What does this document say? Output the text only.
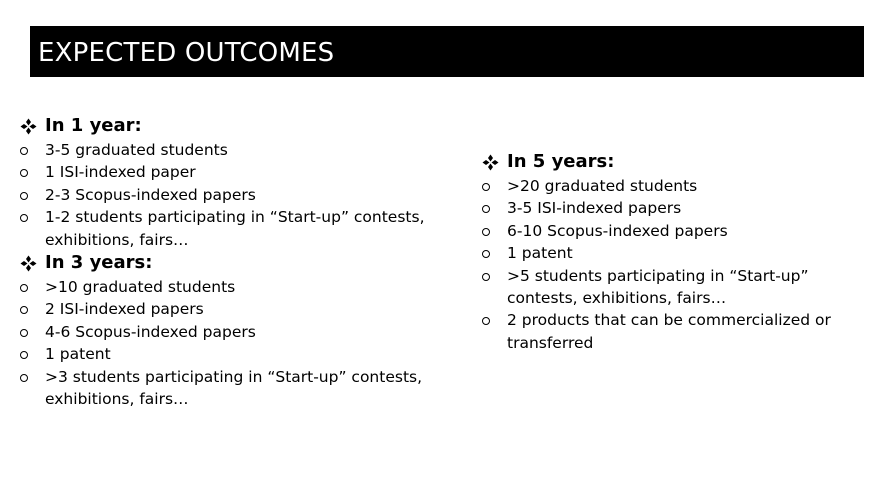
EXPECTED OUTCOMES
In 1 year:
3-5 graduated students
1 ISI-indexed paper
2-3 Scopus-indexed papers
1-2 students participating in “Start-up” contests, exhibitions, fairs…
In 3 years:
>10 graduated students
2 ISI-indexed papers
4-6 Scopus-indexed papers
1 patent
>3 students participating in “Start-up” contests, exhibitions, fairs…
In 5 years:
>20 graduated students
3-5 ISI-indexed papers
6-10 Scopus-indexed papers
1 patent
>5 students participating in “Start-up” contests, exhibitions, fairs…
2 products that can be commercialized or transferred
